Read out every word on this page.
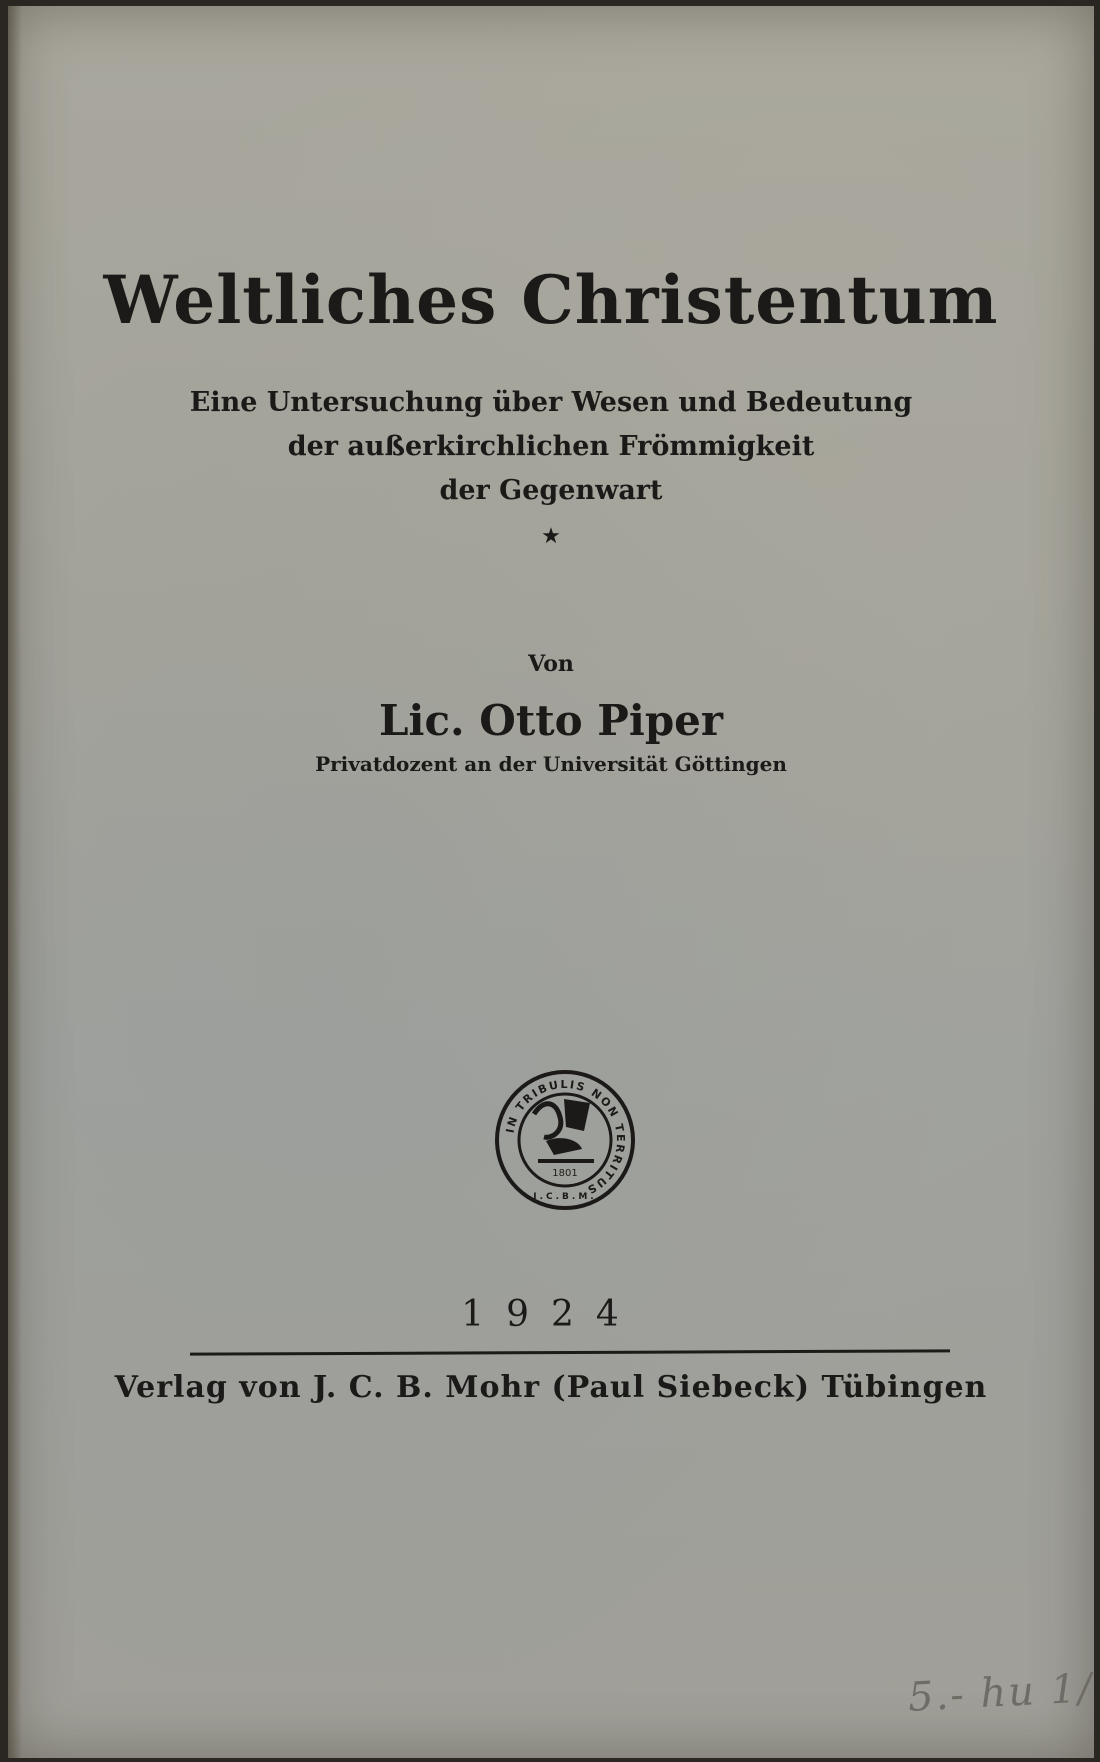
Weltliches Christentum
Eine Untersuchung über Wesen und Bedeutung
der außerkirchlichen Frömmigkeit
der Gegenwart
★
Von
Lic. Otto Piper
Privatdozent an der Universität Göttingen
IN TRIBULIS NON TERRITUS
1801
J.C.B.M.
1924
Verlag von J. C. B. Mohr (Paul Siebeck) Tübingen
5.- hu 1/
